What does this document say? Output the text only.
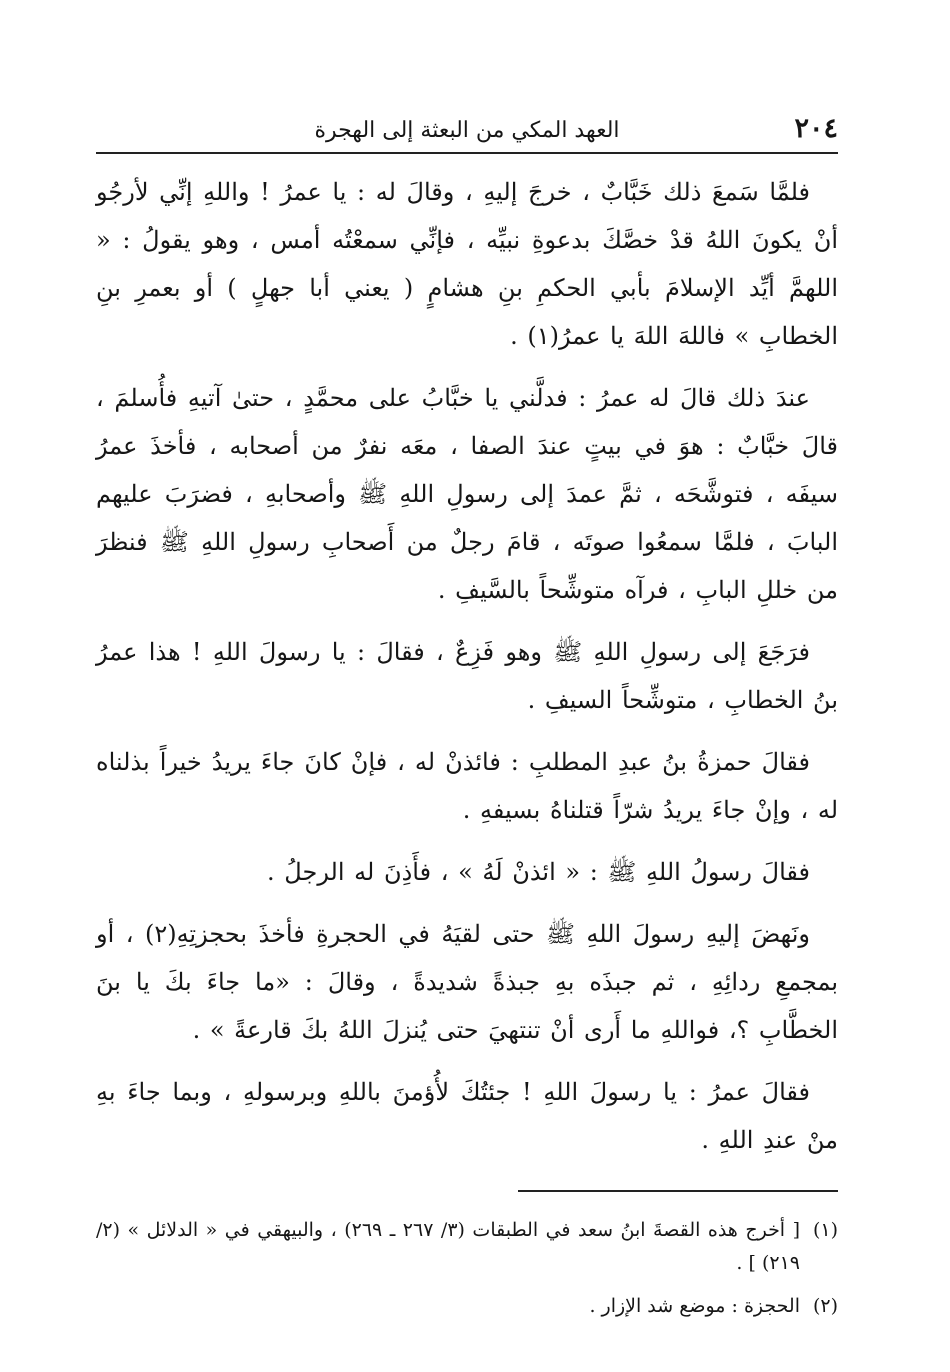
٢٠٤
العهد المكي من البعثة إلى الهجرة

فلمَّا سَمعَ ذلك خَبَّابٌ ، خرجَ إليهِ ، وقالَ له : يا عمرُ ! واللهِ إنِّي لأرجُو أنْ يكونَ اللهُ قدْ خصَّكَ بدعوةِ نبيِّه ، فإنِّي سمعْتُه أمس ، وهو يقولُ : « اللهمَّ أيِّد الإسلامَ بأبي الحكمِ بنِ هشامٍ ( يعني أبا جهلٍ ) أو بعمرِ بنِ الخطابِ » فاللهَ اللهَ يا عمرُ(١) .

عندَ ذلك قالَ له عمرُ : فدلَّني يا خبَّابُ على محمَّدٍ ، حتىٰ آتيهِ فأُسلمَ ، قالَ خبَّابٌ : هوَ في بيتٍ عندَ الصفا ، معَه نفرٌ من أصحابه ، فأخذَ عمرُ سيفَه ، فتوشَّحَه ، ثمَّ عمدَ إلى رسولِ اللهِ ﷺ وأصحابهِ ، فضرَبَ عليهم البابَ ، فلمَّا سمعُوا صوتَه ، قامَ رجلٌ من أَصحابِ رسولِ اللهِ ﷺ فنظرَ من خللِ البابِ ، فرآه متوشِّحاً بالسَّيفِ .

فرَجَعَ إلى رسولِ اللهِ ﷺ وهو فَزِعٌ ، فقالَ : يا رسولَ اللهِ ! هذا عمرُ بنُ الخطابِ ، متوشِّحاً السيفِ .

فقالَ حمزةُ بنُ عبدِ المطلبِ : فائذنْ له ، فإنْ كانَ جاءَ يريدُ خيراً بذلناه له ، وإنْ جاءَ يريدُ شرّاً قتلناهُ بسيفهِ .

فقالَ رسولُ اللهِ ﷺ : « ائذنْ لَهُ » ، فأَذِنَ له الرجلُ .

ونَهضَ إليهِ رسولَ اللهِ ﷺ حتى لقيَهُ في الحجرةِ فأخذَ بحجزتِهِ(٢) ، أو بمجمعِ ردائِهِ ، ثم جبذَه بهِ جبذةً شديدةً ، وقالَ : «ما جاءَ بكَ يا بنَ الخطَّابِ ؟، فواللهِ ما أَرى أنْ تنتهيَ حتى يُنزلَ اللهُ بكَ قارعةً » .

فقالَ عمرُ : يا رسولَ اللهِ ! جئتُكَ لأُؤمنَ باللهِ وبرسولهِ ، وبما جاءَ بهِ منْ عندِ اللهِ .

(١)
[ أخرج هذه القصةَ ابنُ سعد في الطبقات (٣/ ٢٦٧ ـ ٢٦٩) ، والبيهقي في « الدلائل » (٢/ ٢١٩) ] .
(٢)
الحجزة : موضع شد الإزار .
